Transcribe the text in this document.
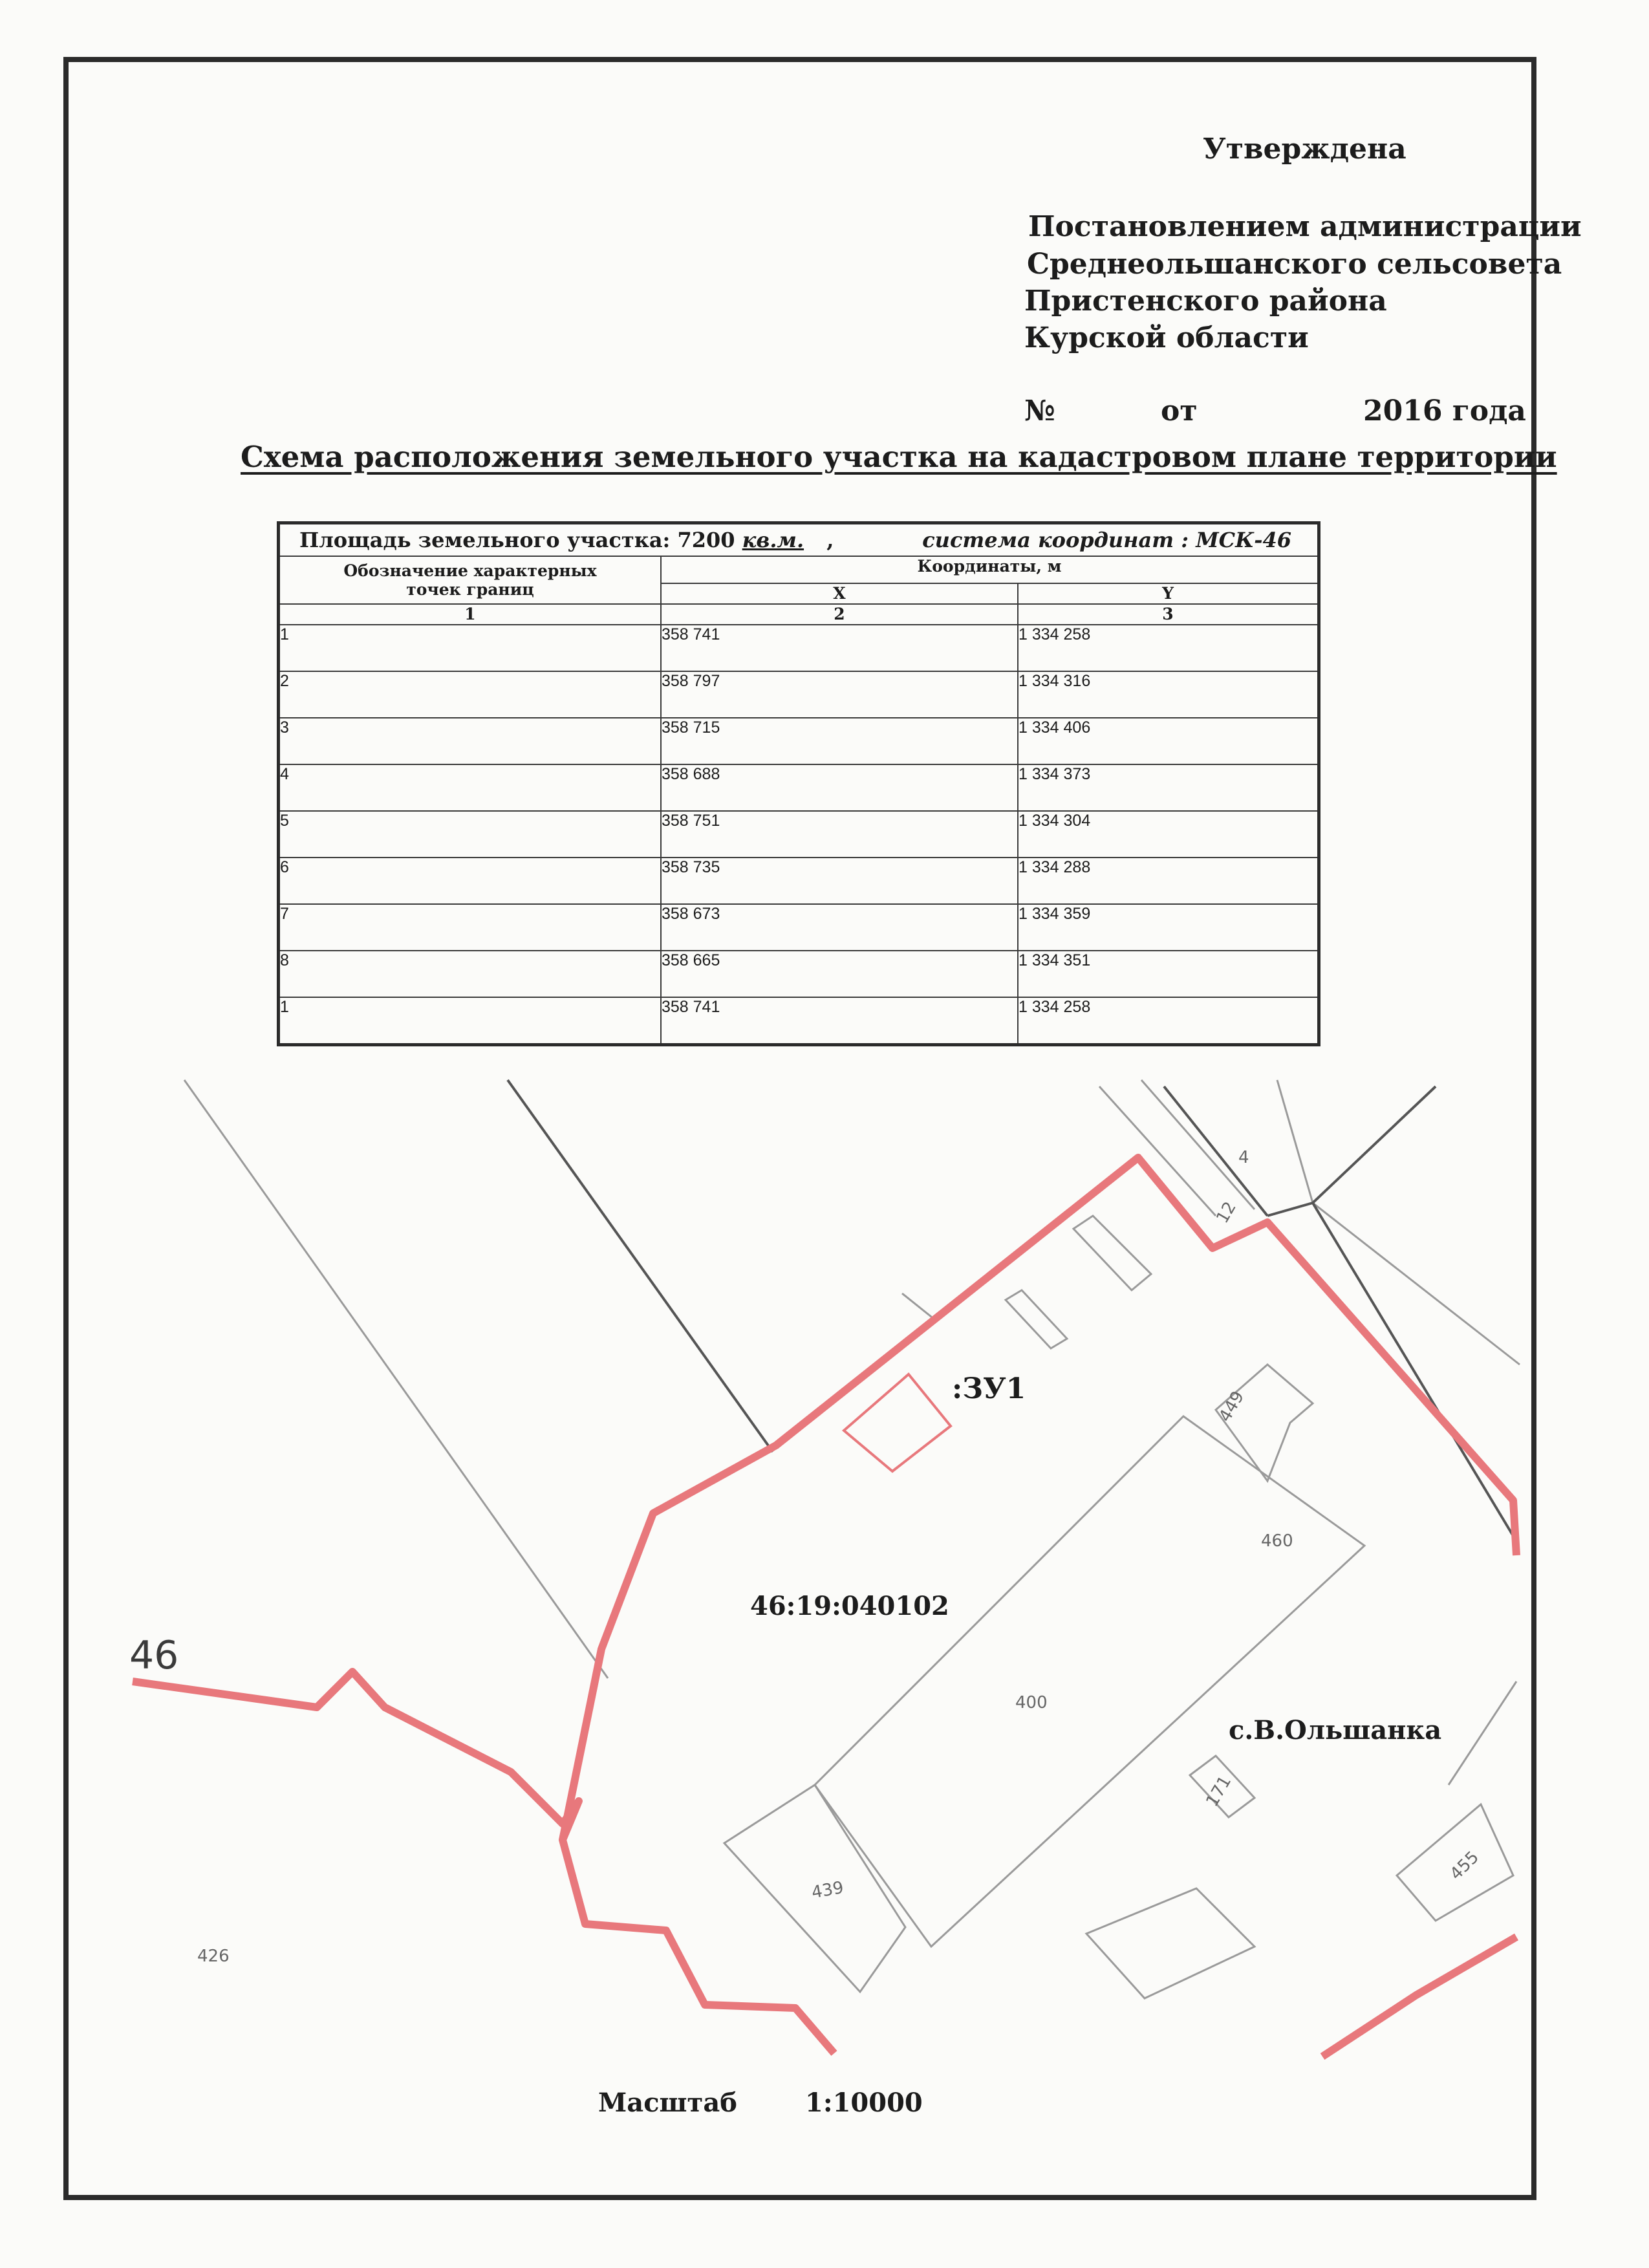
Утверждена
Постановлением администрации
Среднеольшанского сельсовета
Пристенского района
Курской области
№	от	2016 года
Схема расположения земельного участка на кадастровом плане территории
Площадь земельного участка: 7200 кв.м. , система координат : МСК-46		

Обозначение характерных точек границ	Координаты, м	
	X	Y
1	2	3
1	358 741	1 334 258
2	358 797	1 334 316
3	358 715	1 334 406
4	358 688	1 334 373
5	358 751	1 334 304
6	358 735	1 334 288
7	358 673	1 334 359
8	358 665	1 334 351
1	358 741	1 334 258
:ЗУ1
46:19:040102
с.В.Ольшанка
46
4
12
449
460
400
439
171
455
426
Масштаб	1:10000
